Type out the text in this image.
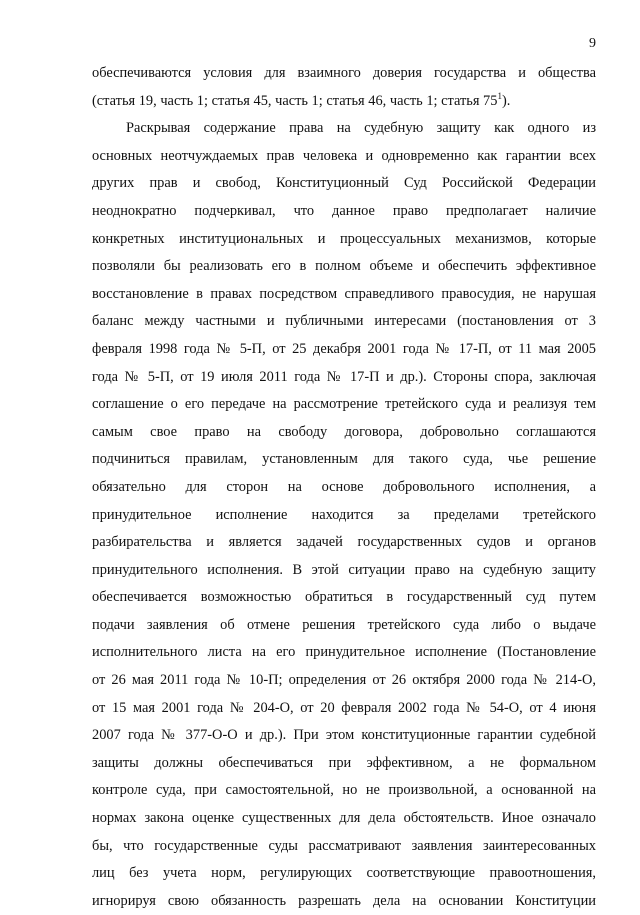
9
обеспечиваются условия для взаимного доверия государства и общества
(статья 19, часть 1; статья 45, часть 1; статья 46, часть 1; статья $75^1$).
Раскрывая содержание права на судебную защиту как одного из
основных неотчуждаемых прав человека и одновременно как гарантии всех
других прав и свобод, Конституционный Суд Российской Федерации
неоднократно подчеркивал, что данное право предполагает наличие
конкретных институциональных и процессуальных механизмов, которые
позволяли бы реализовать его в полном объеме и обеспечить эффективное
восстановление в правах посредством справедливого правосудия, не нарушая
баланс между частными и публичными интересами (постановления от 3
февраля 1998 года № 5-П, от 25 декабря 2001 года № 17-П, от 11 мая 2005
года № 5-П, от 19 июля 2011 года № 17-П и др.). Стороны спора, заключая
соглашение о его передаче на рассмотрение третейского суда и реализуя тем
самым свое право на свободу договора, добровольно соглашаются
подчиниться правилам, установленным для такого суда, чье решение
обязательно для сторон на основе добровольного исполнения, а
принудительное исполнение находится за пределами третейского
разбирательства и является задачей государственных судов и органов
принудительного исполнения. В этой ситуации право на судебную защиту
обеспечивается возможностью обратиться в государственный суд путем
подачи заявления об отмене решения третейского суда либо о выдаче
исполнительного листа на его принудительное исполнение (Постановление
от 26 мая 2011 года № 10-П; определения от 26 октября 2000 года № 214-О,
от 15 мая 2001 года № 204-О, от 20 февраля 2002 года № 54-О, от 4 июня
2007 года № 377-О-О и др.). При этом конституционные гарантии судебной
защиты должны обеспечиваться при эффективном, а не формальном
контроле суда, при самостоятельной, но не произвольной, а основанной на
нормах закона оценке существенных для дела обстоятельств. Иное означало
бы, что государственные суды рассматривают заявления заинтересованных
лиц без учета норм, регулирующих соответствующие правоотношения,
игнорируя свою обязанность разрешать дела на основании Конституции
